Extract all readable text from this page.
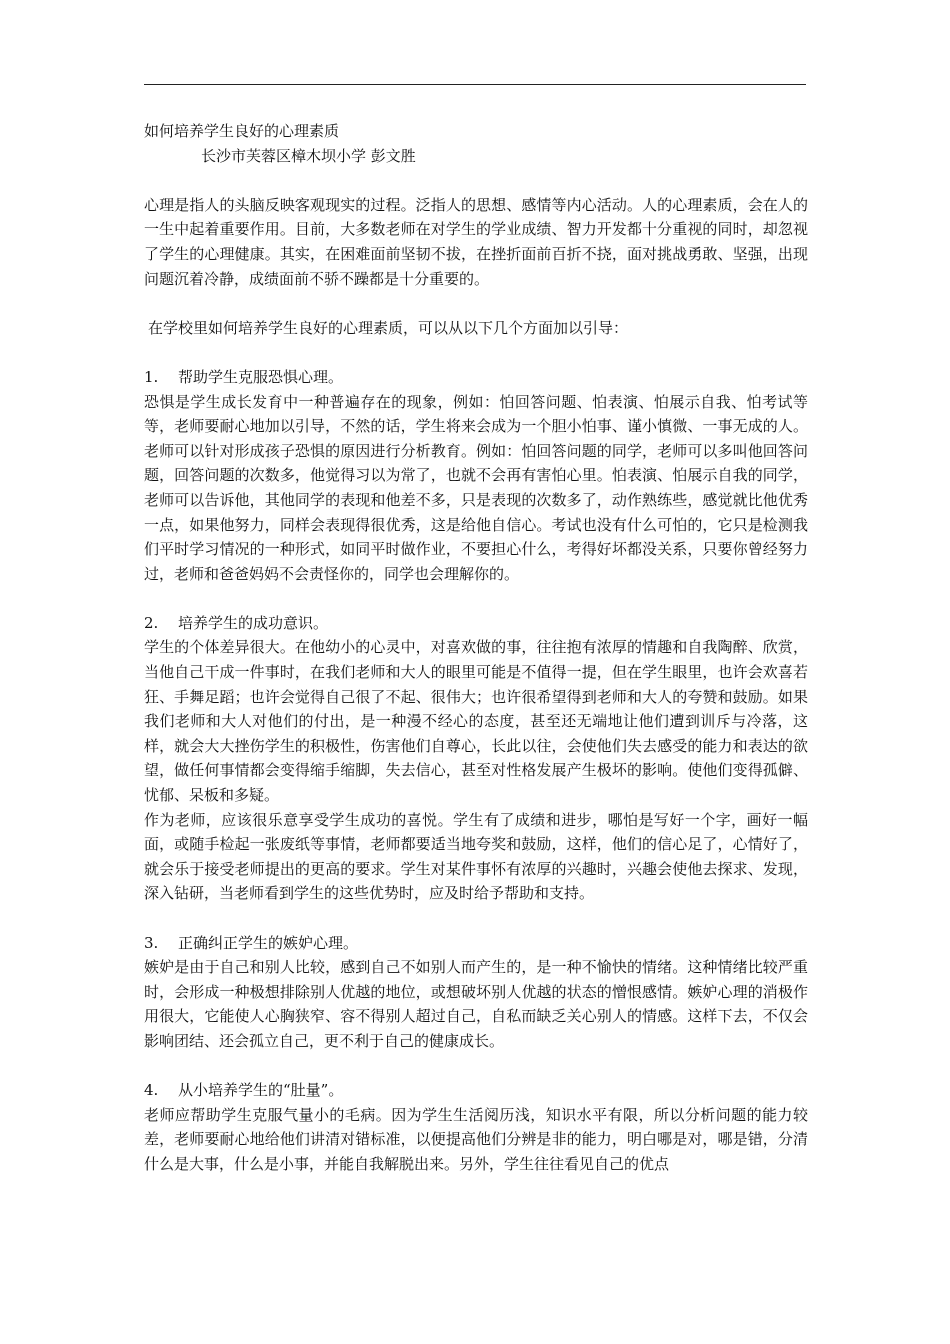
如何培养学生良好的心理素质

长沙市芙蓉区樟木坝小学 彭文胜

心理是指人的头脑反映客观现实的过程。泛指人的思想、感情等内心活动。人的心理素质，会在人的一生中起着重要作用。目前，大多数老师在对学生的学业成绩、智力开发都十分重视的同时，却忽视了学生的心理健康。其实，在困难面前坚韧不拔，在挫折面前百折不挠，面对挑战勇敢、坚强，出现问题沉着冷静，成绩面前不骄不躁都是十分重要的。

在学校里如何培养学生良好的心理素质，可以从以下几个方面加以引导：

1. 帮助学生克服恐惧心理。

恐惧是学生成长发育中一种普遍存在的现象，例如：怕回答问题、怕表演、怕展示自我、怕考试等等，老师要耐心地加以引导，不然的话，学生将来会成为一个胆小怕事、谨小慎微、一事无成的人。老师可以针对形成孩子恐惧的原因进行分析教育。例如：怕回答问题的同学，老师可以多叫他回答问题，回答问题的次数多，他觉得习以为常了，也就不会再有害怕心里。怕表演、怕展示自我的同学，老师可以告诉他，其他同学的表现和他差不多，只是表现的次数多了，动作熟练些，感觉就比他优秀一点，如果他努力，同样会表现得很优秀，这是给他自信心。考试也没有什么可怕的，它只是检测我们平时学习情况的一种形式，如同平时做作业，不要担心什么，考得好坏都没关系，只要你曾经努力过，老师和爸爸妈妈不会责怪你的，同学也会理解你的。

2. 培养学生的成功意识。

学生的个体差异很大。在他幼小的心灵中，对喜欢做的事，往往抱有浓厚的情趣和自我陶醉、欣赏，当他自己干成一件事时，在我们老师和大人的眼里可能是不值得一提，但在学生眼里，也许会欢喜若狂、手舞足蹈；也许会觉得自己很了不起、很伟大；也许很希望得到老师和大人的夸赞和鼓励。如果我们老师和大人对他们的付出，是一种漫不经心的态度，甚至还无端地让他们遭到训斥与冷落，这样，就会大大挫伤学生的积极性，伤害他们自尊心，长此以往，会使他们失去感受的能力和表达的欲望，做任何事情都会变得缩手缩脚，失去信心，甚至对性格发展产生极坏的影响。使他们变得孤僻、忧郁、呆板和多疑。

作为老师，应该很乐意享受学生成功的喜悦。学生有了成绩和进步，哪怕是写好一个字，画好一幅面，或随手检起一张废纸等事情，老师都要适当地夸奖和鼓励，这样，他们的信心足了，心情好了，就会乐于接受老师提出的更高的要求。学生对某件事怀有浓厚的兴趣时，兴趣会使他去探求、发现，深入钻研，当老师看到学生的这些优势时，应及时给予帮助和支持。

3. 正确纠正学生的嫉妒心理。

嫉妒是由于自己和别人比较，感到自己不如别人而产生的，是一种不愉快的情绪。这种情绪比较严重时，会形成一种极想排除别人优越的地位，或想破坏别人优越的状态的憎恨感情。嫉妒心理的消极作用很大，它能使人心胸狭窄、容不得别人超过自己，自私而缺乏关心别人的情感。这样下去，不仅会影响团结、还会孤立自己，更不利于自己的健康成长。

4. 从小培养学生的“肚量”。

老师应帮助学生克服气量小的毛病。因为学生生活阅历浅，知识水平有限，所以分析问题的能力较差，老师要耐心地给他们讲清对错标准，以便提高他们分辨是非的能力，明白哪是对，哪是错，分清什么是大事，什么是小事，并能自我解脱出来。另外，学生往往看见自己的优点
